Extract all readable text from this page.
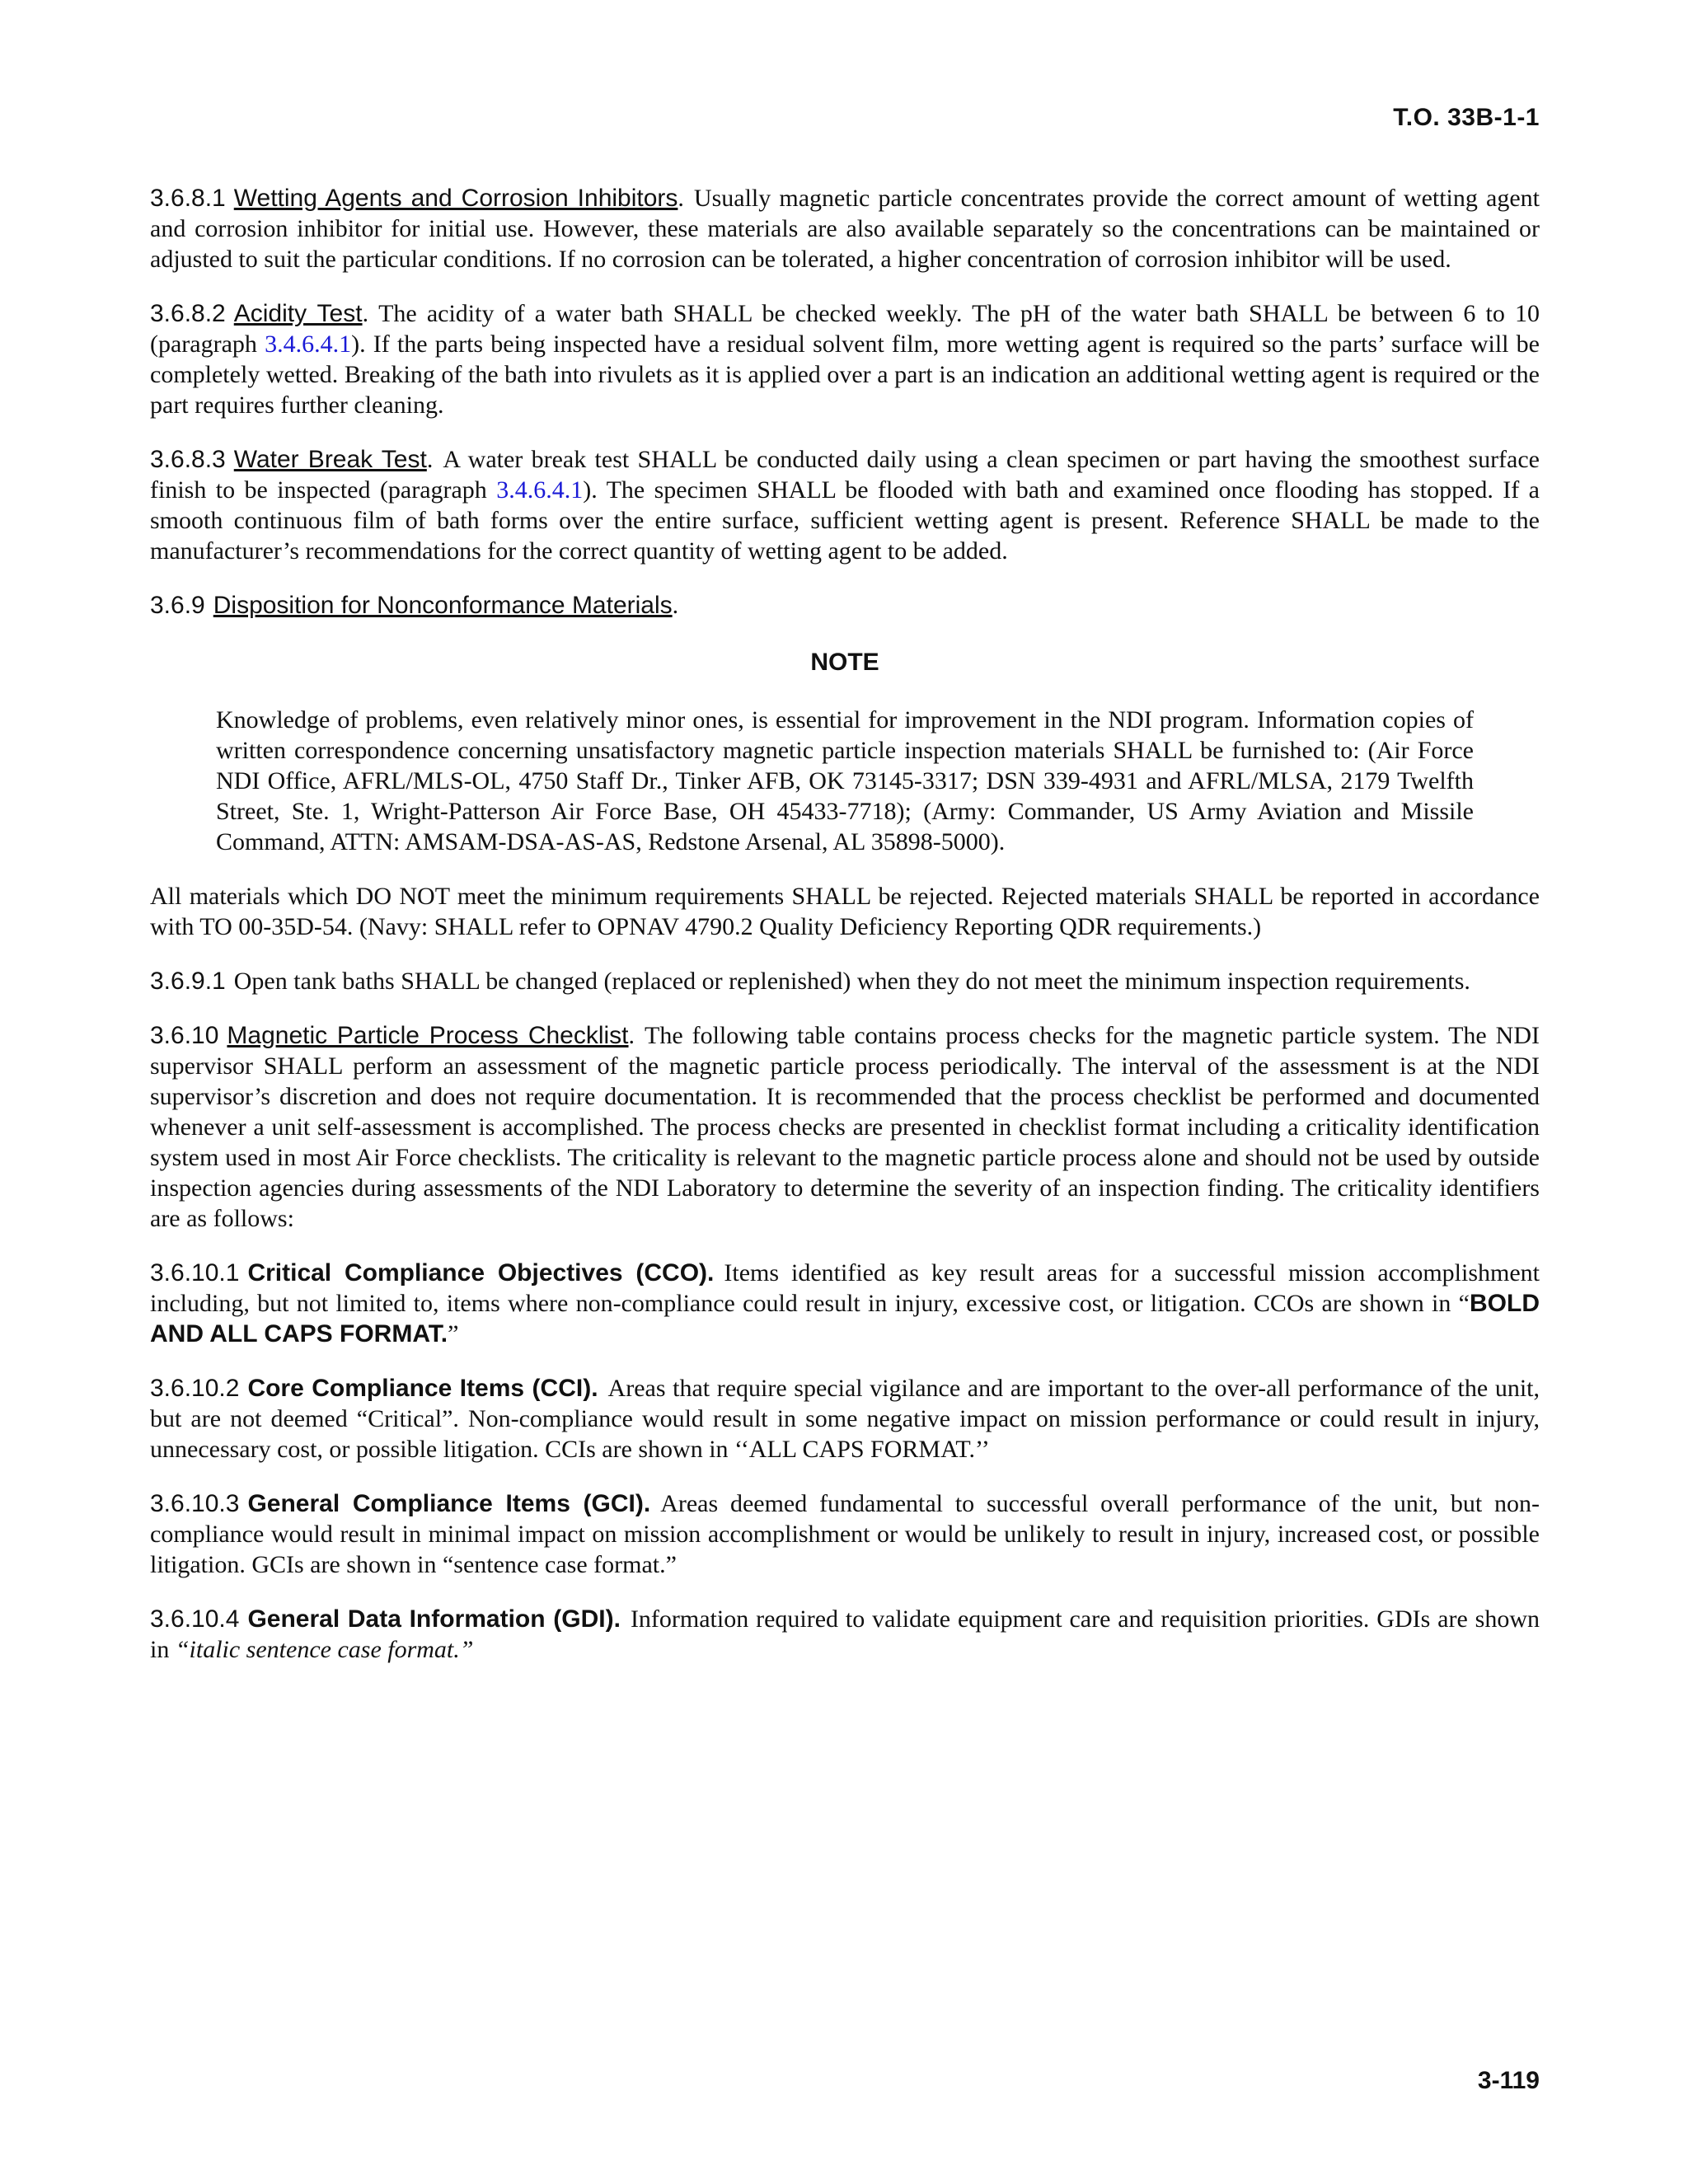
T.O. 33B-1-1

3.6.8.1 Wetting Agents and Corrosion Inhibitors. Usually magnetic particle concentrates provide the correct amount of wetting agent and corrosion inhibitor for initial use. However, these materials are also available separately so the concentrations can be maintained or adjusted to suit the particular conditions. If no corrosion can be tolerated, a higher concentration of corrosion inhibitor will be used.

3.6.8.2 Acidity Test. The acidity of a water bath SHALL be checked weekly. The pH of the water bath SHALL be between 6 to 10 (paragraph 3.4.6.4.1). If the parts being inspected have a residual solvent film, more wetting agent is required so the parts’ surface will be completely wetted. Breaking of the bath into rivulets as it is applied over a part is an indication an additional wetting agent is required or the part requires further cleaning.

3.6.8.3 Water Break Test. A water break test SHALL be conducted daily using a clean specimen or part having the smoothest surface finish to be inspected (paragraph 3.4.6.4.1). The specimen SHALL be flooded with bath and examined once flooding has stopped. If a smooth continuous film of bath forms over the entire surface, sufficient wetting agent is present. Reference SHALL be made to the manufacturer’s recommendations for the correct quantity of wetting agent to be added.

3.6.9 Disposition for Nonconformance Materials.

NOTE

Knowledge of problems, even relatively minor ones, is essential for improvement in the NDI program. Information copies of written correspondence concerning unsatisfactory magnetic particle inspection materials SHALL be furnished to: (Air Force NDI Office, AFRL/MLS-OL, 4750 Staff Dr., Tinker AFB, OK 73145-3317; DSN 339-4931 and AFRL/MLSA, 2179 Twelfth Street, Ste. 1, Wright-Patterson Air Force Base, OH 45433-7718); (Army: Commander, US Army Aviation and Missile Command, ATTN: AMSAM-DSA-AS-AS, Redstone Arsenal, AL 35898-5000).

All materials which DO NOT meet the minimum requirements SHALL be rejected. Rejected materials SHALL be reported in accordance with TO 00-35D-54. (Navy: SHALL refer to OPNAV 4790.2 Quality Deficiency Reporting QDR requirements.)

3.6.9.1 Open tank baths SHALL be changed (replaced or replenished) when they do not meet the minimum inspection requirements.

3.6.10 Magnetic Particle Process Checklist. The following table contains process checks for the magnetic particle system. The NDI supervisor SHALL perform an assessment of the magnetic particle process periodically. The interval of the assessment is at the NDI supervisor’s discretion and does not require documentation. It is recommended that the process checklist be performed and documented whenever a unit self-assessment is accomplished. The process checks are presented in checklist format including a criticality identification system used in most Air Force checklists. The criticality is relevant to the magnetic particle process alone and should not be used by outside inspection agencies during assessments of the NDI Laboratory to determine the severity of an inspection finding. The criticality identifiers are as follows:

3.6.10.1 Critical Compliance Objectives (CCO). Items identified as key result areas for a successful mission accomplishment including, but not limited to, items where non-compliance could result in injury, excessive cost, or litigation. CCOs are shown in “BOLD AND ALL CAPS FORMAT.”

3.6.10.2 Core Compliance Items (CCI). Areas that require special vigilance and are important to the over-all performance of the unit, but are not deemed “Critical”. Non-compliance would result in some negative impact on mission performance or could result in injury, unnecessary cost, or possible litigation. CCIs are shown in ‘‘ALL CAPS FORMAT.’’

3.6.10.3 General Compliance Items (GCI). Areas deemed fundamental to successful overall performance of the unit, but non-compliance would result in minimal impact on mission accomplishment or would be unlikely to result in injury, increased cost, or possible litigation. GCIs are shown in “sentence case format.”

3.6.10.4 General Data Information (GDI). Information required to validate equipment care and requisition priorities. GDIs are shown in “italic sentence case format.”

3-119
